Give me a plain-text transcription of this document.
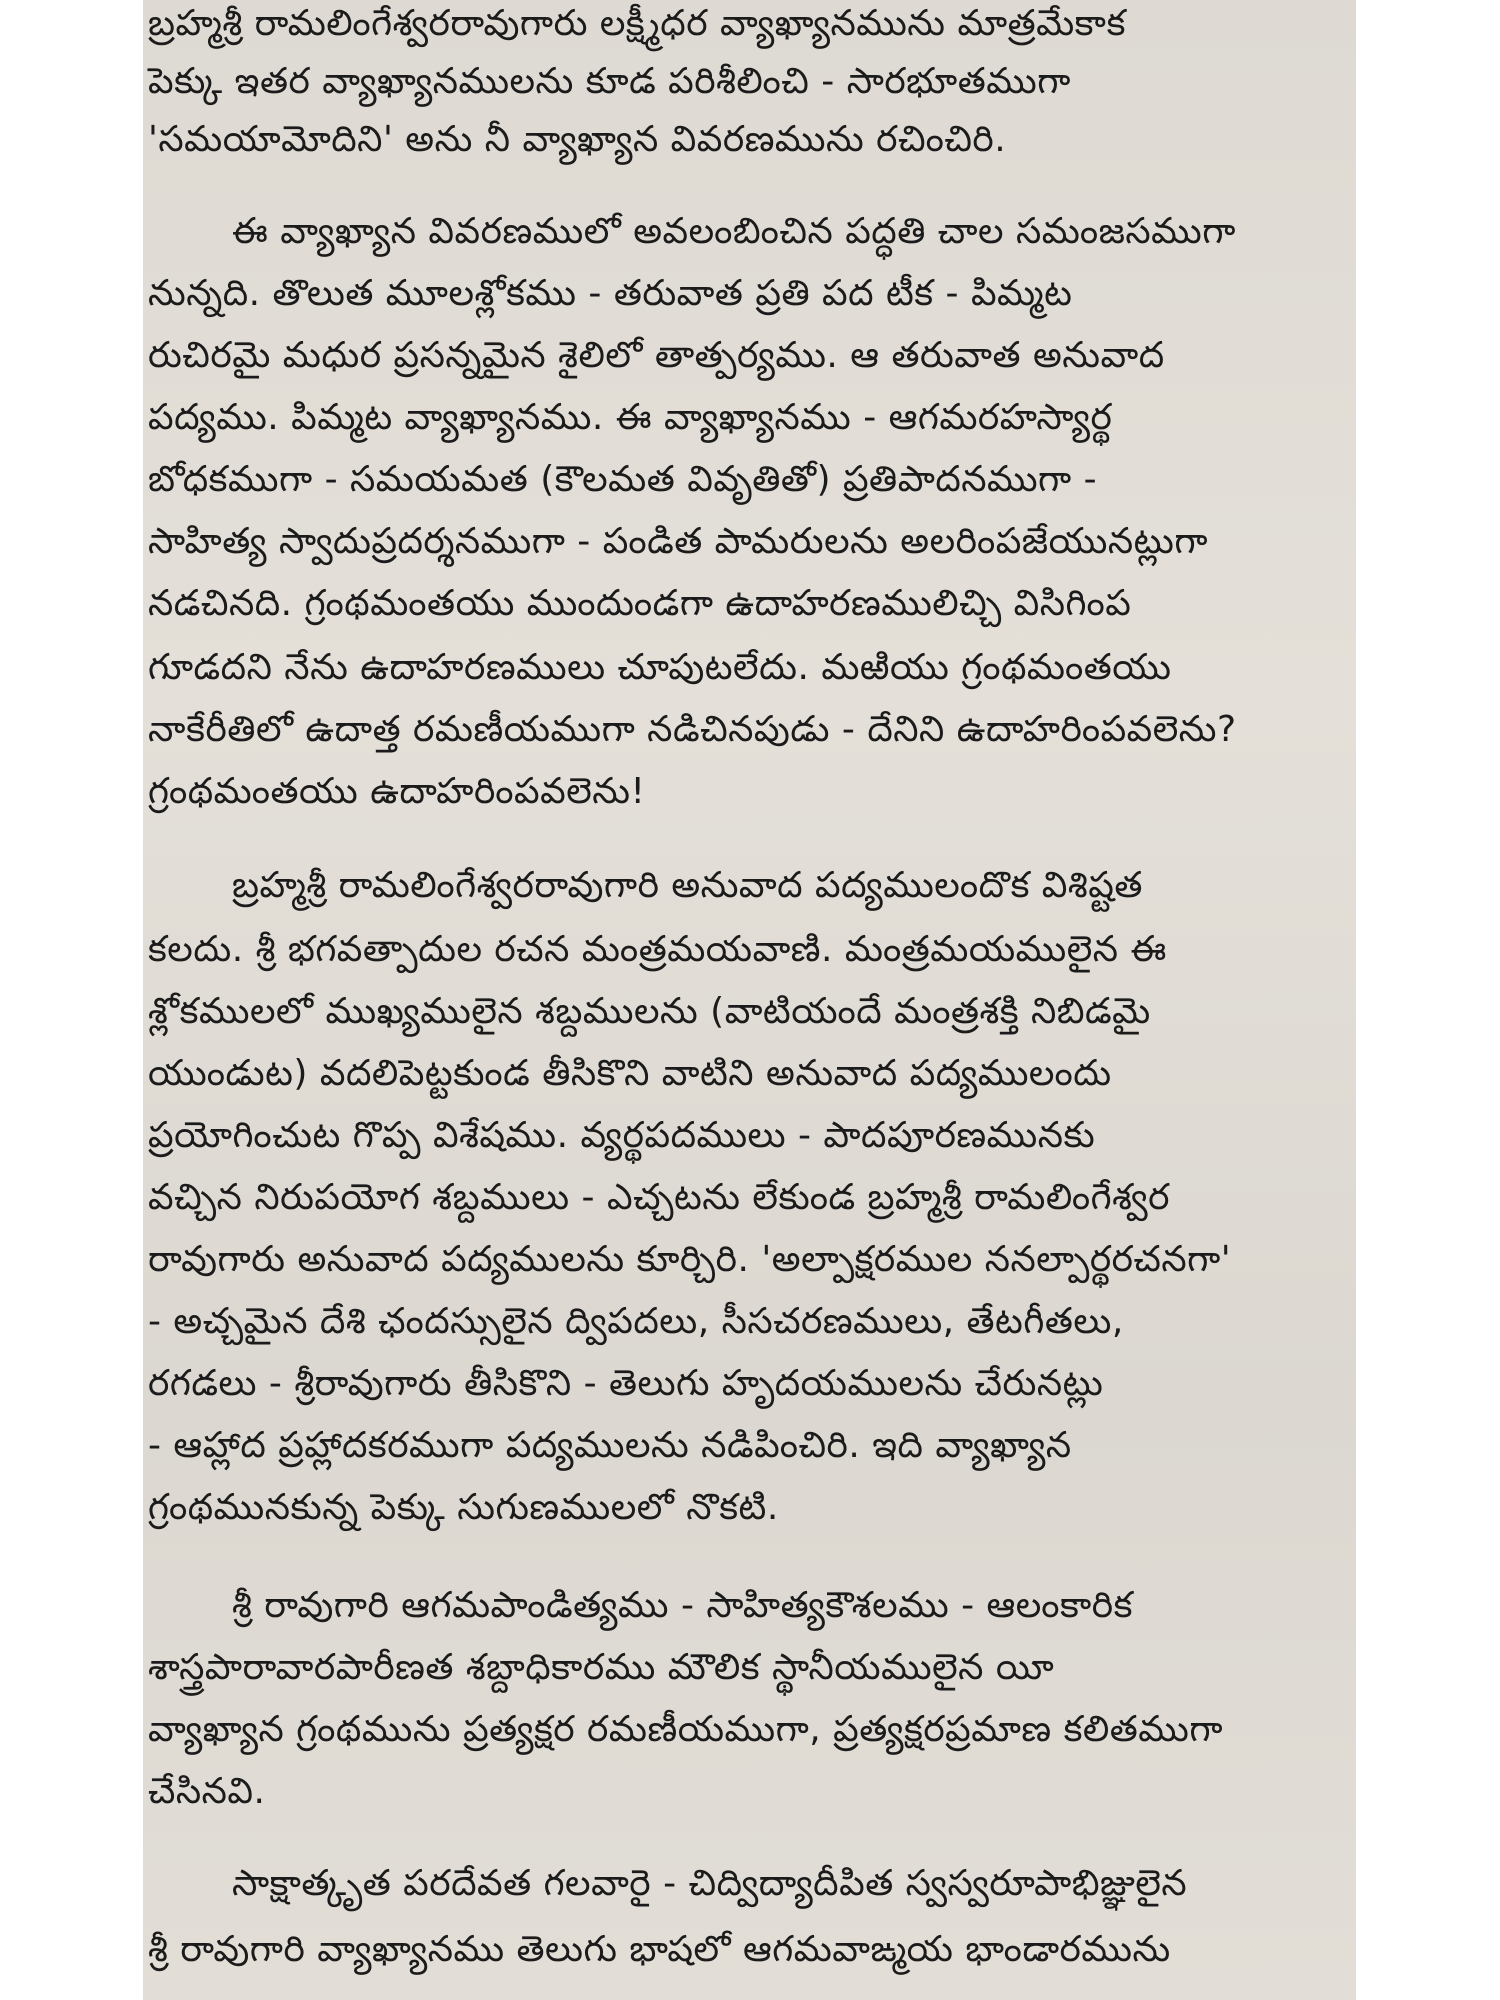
బ్రహ్మశ్రీ రామలింగేశ్వరరావుగారు లక్ష్మీధర వ్యాఖ్యానమును మాత్రమేకాక
పెక్కు ఇతర వ్యాఖ్యానములను కూడ పరిశీలించి - సారభూతముగా
'సమయామోదిని' అను నీ వ్యాఖ్యాన వివరణమును రచించిరి.
ఈ వ్యాఖ్యాన వివరణములో అవలంబించిన పద్ధతి చాల సమంజసముగా
నున్నది. తొలుత మూలశ్లోకము - తరువాత ప్రతి పద టీక - పిమ్మట
రుచిరమై మధుర ప్రసన్నమైన శైలిలో తాత్పర్యము. ఆ తరువాత అనువాద
పద్యము. పిమ్మట వ్యాఖ్యానము. ఈ వ్యాఖ్యానము - ఆగమరహస్యార్థ
బోధకముగా - సమయమత (కౌలమత వివృతితో) ప్రతిపాదనముగా -
సాహిత్య స్వాదుప్రదర్శనముగా - పండిత పామరులను అలరింపజేయునట్లుగా
నడచినది. గ్రంథమంతయు ముందుండగా ఉదాహరణములిచ్చి విసిగింప
గూడదని నేను ఉదాహరణములు చూపుటలేదు. మఱియు గ్రంథమంతయు
నాకేరీతిలో ఉదాత్త రమణీయముగా నడిచినపుడు - దేనిని ఉదాహరింపవలెను?
గ్రంథమంతయు ఉదాహరింపవలెను!
బ్రహ్మశ్రీ రామలింగేశ్వరరావుగారి అనువాద పద్యములందొక విశిష్టత
కలదు. శ్రీ భగవత్పాదుల రచన మంత్రమయవాణి. మంత్రమయములైన ఈ
శ్లోకములలో ముఖ్యములైన శబ్దములను (వాటియందే మంత్రశక్తి నిబిడమై
యుండుట) వదలిపెట్టకుండ తీసికొని వాటిని అనువాద పద్యములందు
ప్రయోగించుట గొప్ప విశేషము. వ్యర్థపదములు - పాదపూరణమునకు
వచ్చిన నిరుపయోగ శబ్దములు - ఎచ్చటను లేకుండ బ్రహ్మశ్రీ రామలింగేశ్వర
రావుగారు అనువాద పద్యములను కూర్చిరి. 'అల్పాక్షరముల ననల్పార్థరచనగా'
- అచ్చమైన దేశి ఛందస్సులైన ద్విపదలు, సీసచరణములు, తేటగీతలు,
రగడలు - శ్రీరావుగారు తీసికొని - తెలుగు హృదయములను చేరునట్లు
- ఆహ్లాద ప్రహ్లాదకరముగా పద్యములను నడిపించిరి. ఇది వ్యాఖ్యాన
గ్రంథమునకున్న పెక్కు సుగుణములలో నొకటి.
శ్రీ రావుగారి ఆగమపాండిత్యము - సాహిత్యకౌశలము - ఆలంకారిక
శాస్త్రపారావారపారీణత శబ్దాధికారము మౌలిక స్థానీయములైన యీ
వ్యాఖ్యాన గ్రంథమును ప్రత్యక్షర రమణీయముగా, ప్రత్యక్షరప్రమాణ కలితముగా
చేసినవి.
సాక్షాత్కృత పరదేవత గలవారై - చిద్విద్యాదీపిత స్వస్వరూపాభిజ్ఞులైన
శ్రీ రావుగారి వ్యాఖ్యానము తెలుగు భాషలో ఆగమవాఙ్మయ భాండారమును
